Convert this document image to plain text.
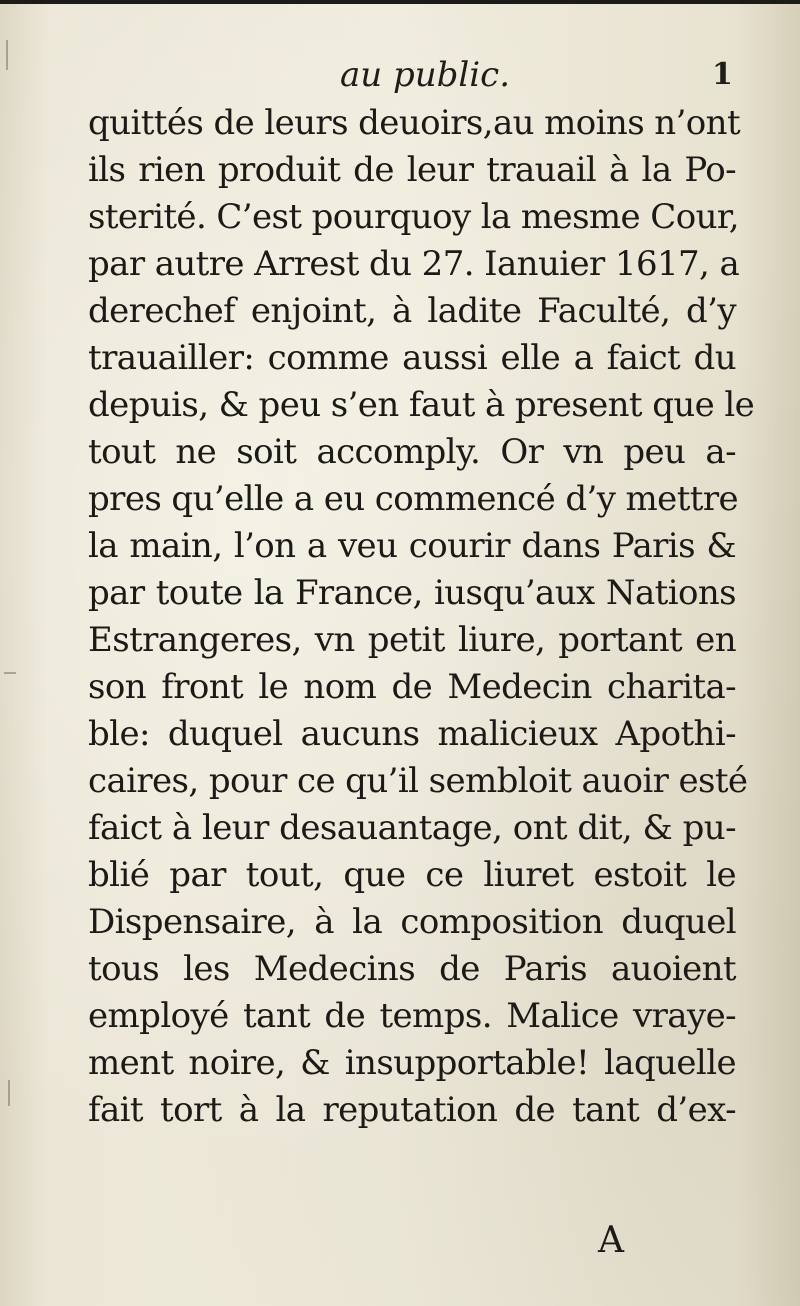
au public.	1
quittés de leurs deuoirs,au moins n’ont
ils rien produit de leur trauail à la Po-
sterité. C’est pourquoy la mesme Cour,
par autre Arrest du 27. Ianuier 1617, a
derechef enjoint, à ladite Faculté, d’y
trauailler: comme aussi elle a faict du
depuis, & peu s’en faut à present que le
tout ne soit accomply. Or vn peu a-
pres qu’elle a eu commencé d’y mettre
la main, l’on a veu courir dans Paris &
par toute la France, iusqu’aux Nations
Estrangeres, vn petit liure, portant en
son front le nom de Medecin charita-
ble: duquel aucuns malicieux Apothi-
caires, pour ce qu’il sembloit auoir esté
faict à leur desauantage, ont dit, & pu-
blié par tout, que ce liuret estoit le
Dispensaire, à la composition duquel
tous les Medecins de Paris auoient
employé tant de temps. Malice vraye-
ment noire, & insupportable! laquelle
fait tort à la reputation de tant d’ex-
A
